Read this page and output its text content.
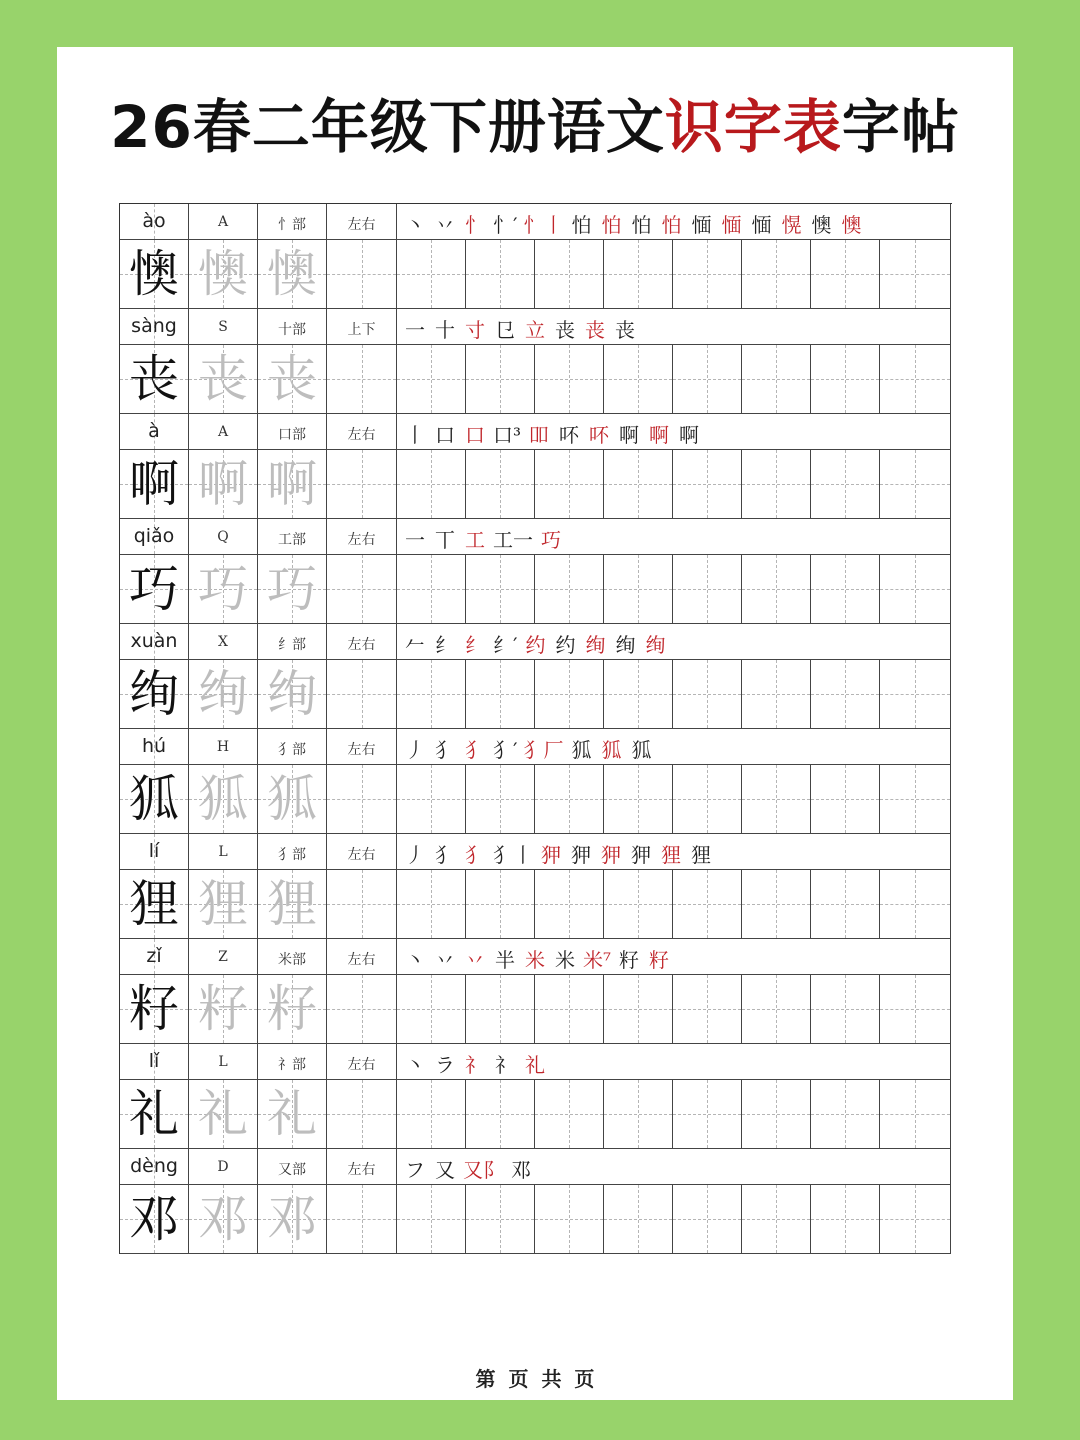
26春二年级下册语文识字表字帖
ào	A	忄部	左右	丶 丷 忄 忄′ 忄丨 怕 怕 怕 怕 愐 愐 愐 愰 懊 懊
懊 懊 懊
sàng	S	十部	上下	一 十 寸 㔾 立 丧 丧 丧
丧 丧 丧
à	A	口部	左右	丨 口 口 口³ 吅 吥 吥 啊 啊 啊
啊 啊 啊
qiǎo	Q	工部	左右	一 丅 工 工一 巧
巧 巧 巧
xuàn	X	纟部	左右	𠂉 纟 纟 纟′ 约 约 绚 绚 绚
绚 绚 绚
hú	H	犭部	左右	丿 犭 犭 犭′ 犭厂 狐 狐 狐
狐 狐 狐
lí	L	犭部	左右	丿 犭 犭 犭丨 狎 狎 狎 狎 狸 狸
狸 狸 狸
zǐ	Z	米部	左右	丶 丷 丷 半 米 米 米⁷ 籽 籽
籽 籽 籽
lǐ	L	礻部	左右	丶 ラ 礻 礻 礼
礼 礼 礼
dèng	D	又部	左右	フ 又 又阝 邓
邓 邓 邓
第 页 共 页
